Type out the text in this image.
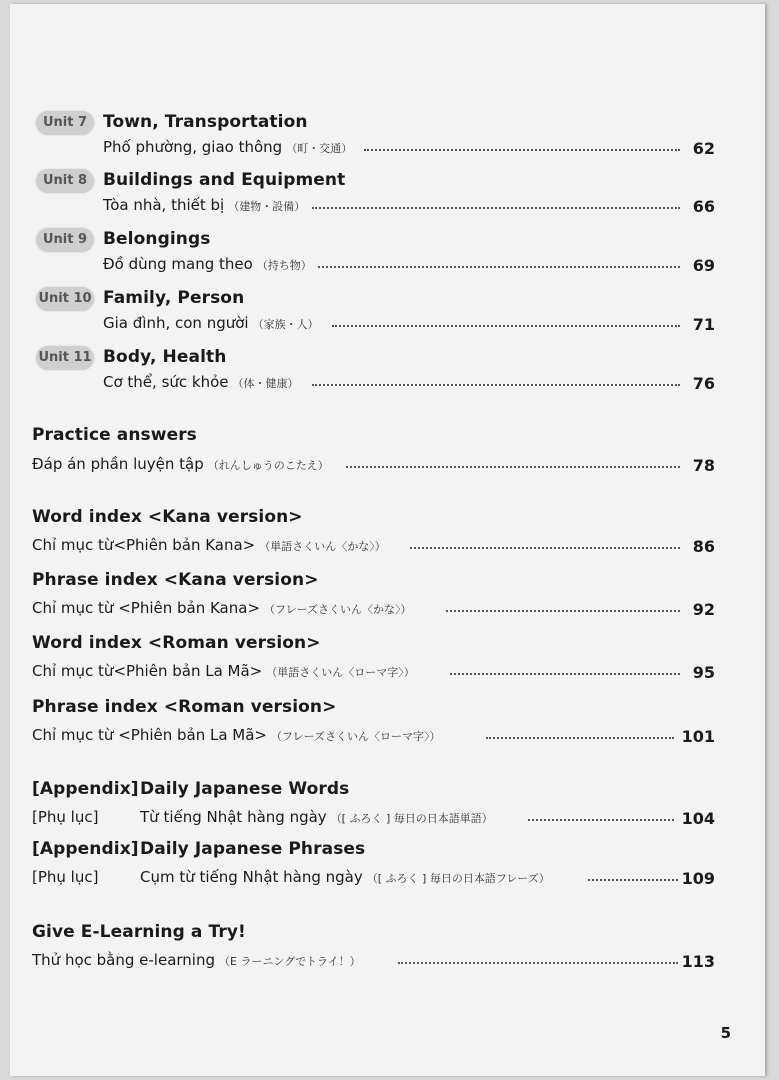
Unit 7 Town, Transportation
Phố phường, giao thông （町・交通）	62
Unit 8 Buildings and Equipment
Tòa nhà, thiết bị （建物・設備）	66
Unit 9 Belongings
Đồ dùng mang theo （持ち物）	69
Unit 10 Family, Person
Gia đình, con người （家族・人）	71
Unit 11 Body, Health
Cơ thể, sức khỏe （体・健康）	76
Practice answers
Đáp án phần luyện tập （れんしゅうのこたえ）	78
Word index <Kana version>
Chỉ mục từ<Phiên bản Kana> （単語さくいん〈かな〉）	86
Phrase index <Kana version>
Chỉ mục từ <Phiên bản Kana> （フレーズさくいん〈かな〉）	92
Word index <Roman version>
Chỉ mục từ<Phiên bản La Mã> （単語さくいん〈ローマ字〉）	95
Phrase index <Roman version>
Chỉ mục từ <Phiên bản La Mã> （フレーズさくいん〈ローマ字〉）	101
[Appendix] Daily Japanese Words
[Phụ lục]	Từ tiếng Nhật hàng ngày （[ ふろく ] 毎日の日本語単語）	104
[Appendix] Daily Japanese Phrases
[Phụ lục]	Cụm từ tiếng Nhật hàng ngày （[ ふろく ] 毎日の日本語フレーズ）	109
Give E-Learning a Try!
Thử học bằng e-learning （E ラーニングでトライ！）	113
5
